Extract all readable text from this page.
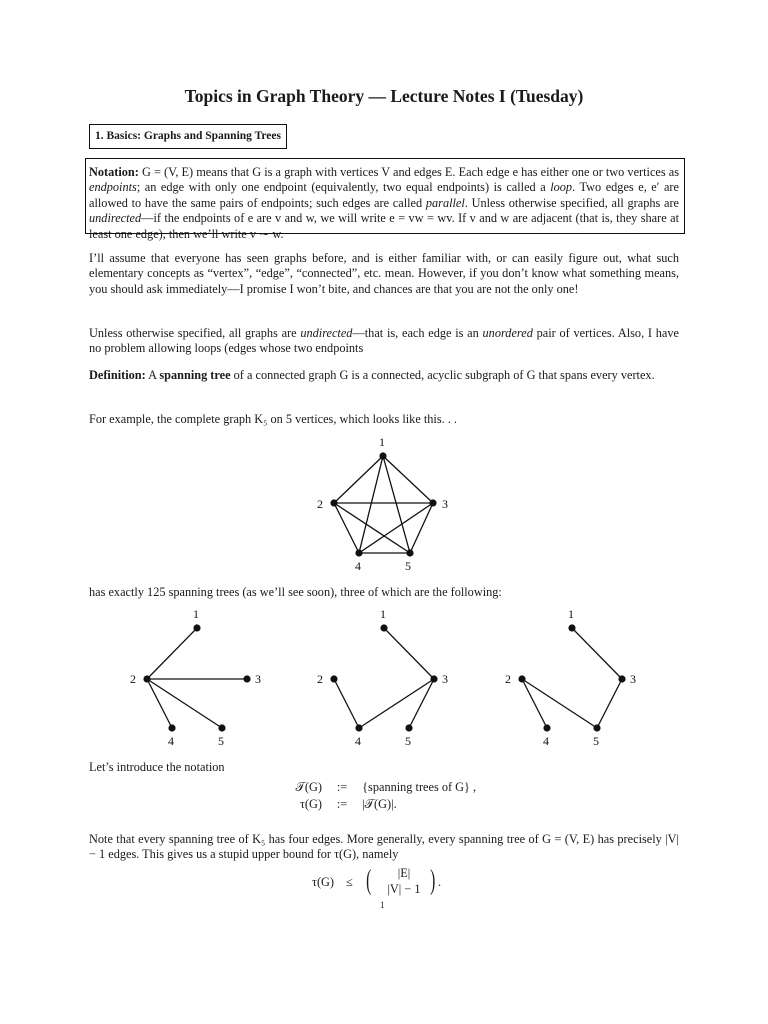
Topics in Graph Theory — Lecture Notes I (Tuesday)
1. Basics: Graphs and Spanning Trees

Notation: G = (V, E) means that G is a graph with vertices V and edges E. Each edge e has either one or two vertices as endpoints; an edge with only one endpoint (equivalently, two equal endpoints) is called a loop. Two edges e, e′ are allowed to have the same pairs of endpoints; such edges are called parallel. Unless otherwise specified, all graphs are undirected—if the endpoints of e are v and w, we will write e = vw = wv. If v and w are adjacent (that is, they share at least one edge), then we’ll write v ∼ w.

I’ll assume that everyone has seen graphs before, and is either familiar with, or can easily figure out, what such elementary concepts as “vertex”, “edge”, “connected”, etc. mean. However, if you don’t know what something means, you should ask immediately—I promise I won’t bite, and chances are that you are not the only one!

Unless otherwise specified, all graphs are undirected—that is, each edge is an unordered pair of vertices. Also, I have no problem allowing loops (edges whose two endpoints

Definition: A spanning tree of a connected graph G is a connected, acyclic subgraph of G that spans every vertex.

For example, the complete graph K₅ on 5 vertices, which looks like this. . .

1
2	3
4	5
1
2	3
4	5
1
2	3
4	5
1
2	3
4	5

has exactly 125 spanning trees (as we’ll see soon), three of which are the following:

Let’s introduce the notation

𝒯(G) := {spanning trees of G} ,
τ(G) := |𝒯(G)|.

Note that every spanning tree of K₅ has four edges. More generally, every spanning tree of G = (V, E) has precisely |V| − 1 edges. This gives us a stupid upper bound for τ(G), namely

τ(G) ≤ (	|E|
|V| − 1 ) .
1
